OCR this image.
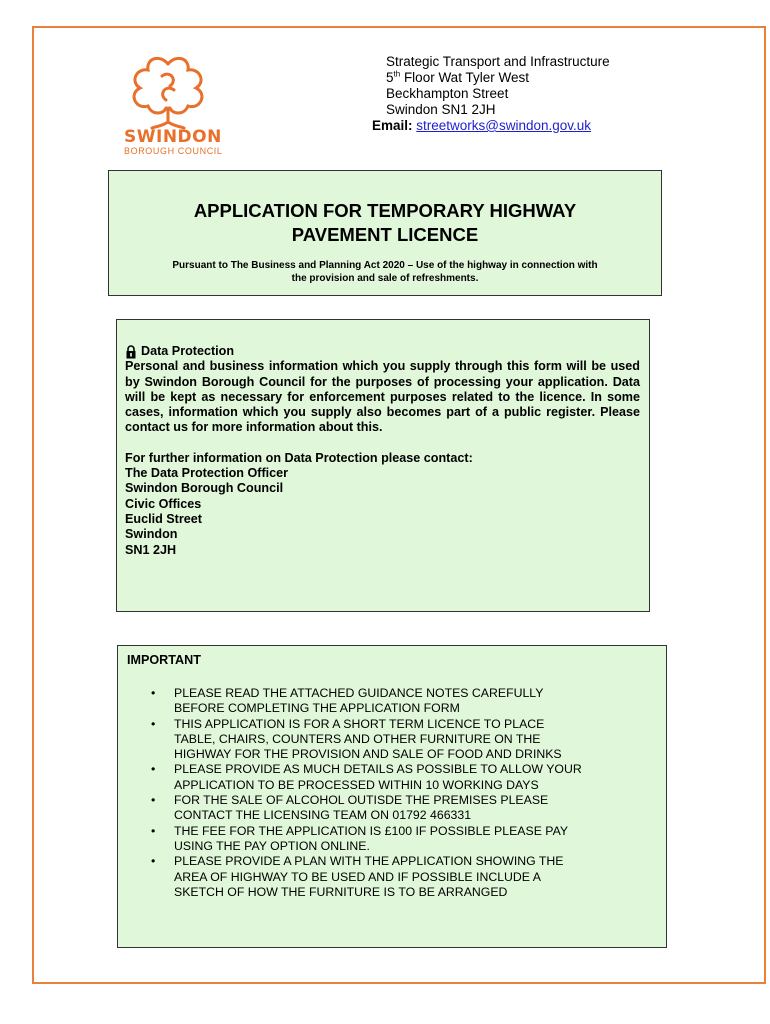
SWINDON
BOROUGH COUNCIL
Strategic Transport and Infrastructure
5th Floor Wat Tyler West
Beckhampton Street
Swindon SN1 2JH
Email: streetworks@swindon.gov.uk
APPLICATION FOR TEMPORARY HIGHWAY
PAVEMENT LICENCE
Pursuant to The Business and Planning Act 2020 – Use of the highway in connection with
the provision and sale of refreshments.
Data Protection
Personal and business information which you supply through this form will be used by Swindon Borough Council for the purposes of processing your application. Data will be kept as necessary for enforcement purposes related to the licence. In some cases, information which you supply also becomes part of a public register. Please contact us for more information about this.
For further information on Data Protection please contact:
The Data Protection Officer
Swindon Borough Council
Civic Offices
Euclid Street
Swindon
SN1 2JH
IMPORTANT
• PLEASE READ THE ATTACHED GUIDANCE NOTES CAREFULLY
BEFORE COMPLETING THE APPLICATION FORM
• THIS APPLICATION IS FOR A SHORT TERM LICENCE TO PLACE
TABLE, CHAIRS, COUNTERS AND OTHER FURNITURE ON THE
HIGHWAY FOR THE PROVISION AND SALE OF FOOD AND DRINKS
• PLEASE PROVIDE AS MUCH DETAILS AS POSSIBLE TO ALLOW YOUR
APPLICATION TO BE PROCESSED WITHIN 10 WORKING DAYS
• FOR THE SALE OF ALCOHOL OUTISDE THE PREMISES PLEASE
CONTACT THE LICENSING TEAM ON 01792 466331
• THE FEE FOR THE APPLICATION IS £100 IF POSSIBLE PLEASE PAY
USING THE PAY OPTION ONLINE.
• PLEASE PROVIDE A PLAN WITH THE APPLICATION SHOWING THE
AREA OF HIGHWAY TO BE USED AND IF POSSIBLE INCLUDE A
SKETCH OF HOW THE FURNITURE IS TO BE ARRANGED
